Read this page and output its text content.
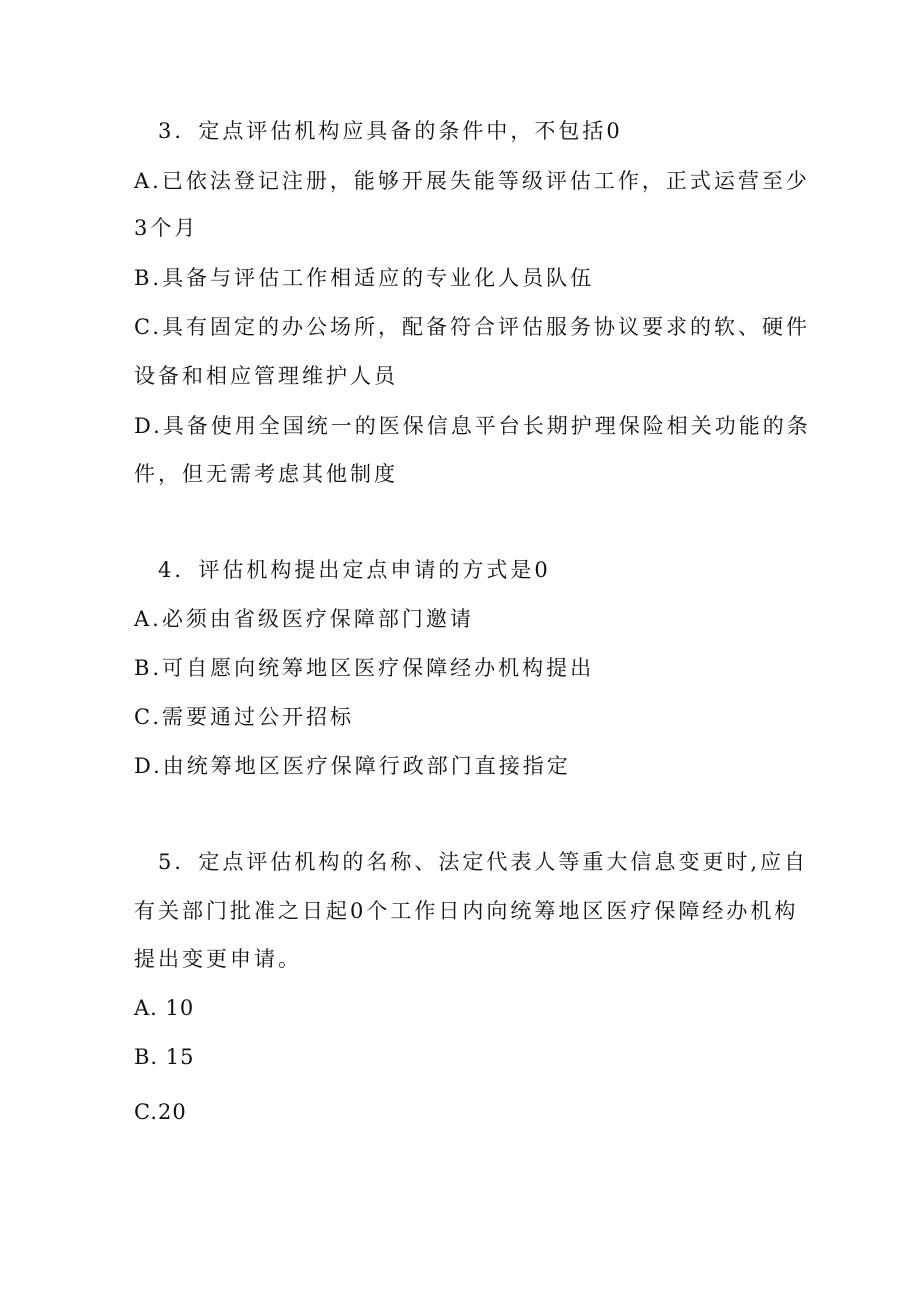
3．定点评估机构应具备的条件中，不包括0
A.已依法登记注册，能够开展失能等级评估工作，正式运营至少
3个月
B.具备与评估工作相适应的专业化人员队伍
C.具有固定的办公场所，配备符合评估服务协议要求的软、硬件
设备和相应管理维护人员
D.具备使用全国统一的医保信息平台长期护理保险相关功能的条
件，但无需考虑其他制度
4．评估机构提出定点申请的方式是0
A.必须由省级医疗保障部门邀请
B.可自愿向统筹地区医疗保障经办机构提出
C.需要通过公开招标
D.由统筹地区医疗保障行政部门直接指定
5．定点评估机构的名称、法定代表人等重大信息变更时,应自
有关部门批准之日起0个工作日内向统筹地区医疗保障经办机构
提出变更申请。
A. 10
B. 15
C.20
